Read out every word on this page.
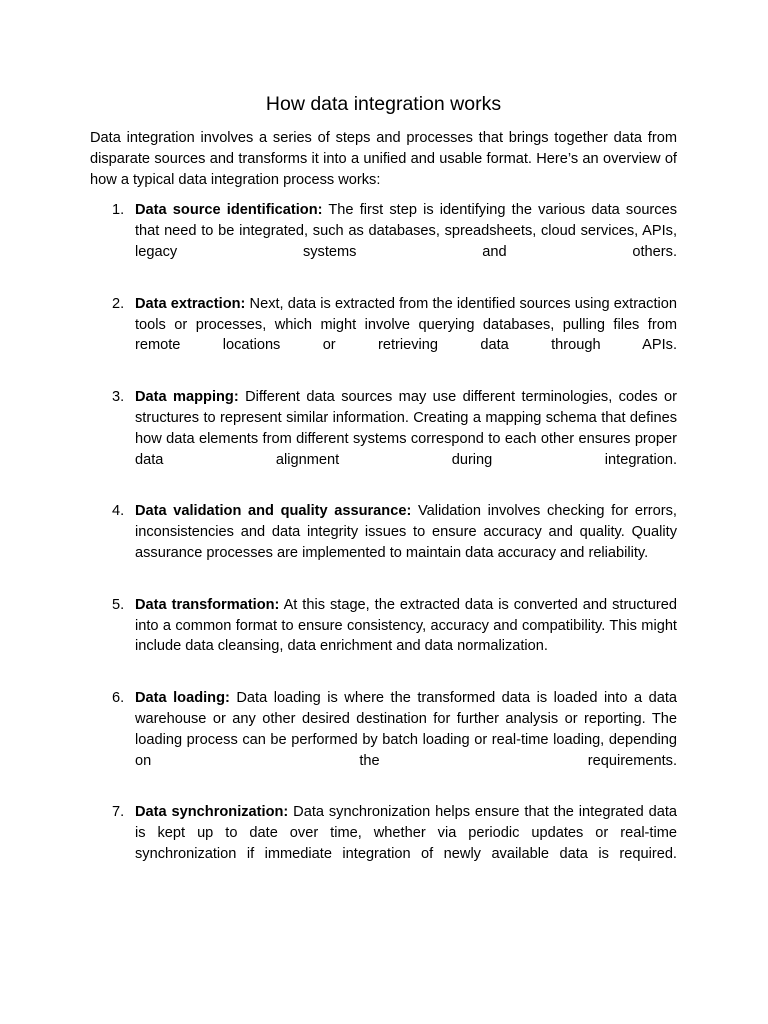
How data integration works

Data integration involves a series of steps and processes that brings together data from disparate sources and transforms it into a unified and usable format. Here’s an overview of how a typical data integration process works:

1. Data source identification: The first step is identifying the various data sources that need to be integrated, such as databases, spreadsheets, cloud services, APIs, legacy systems and others.
2. Data extraction: Next, data is extracted from the identified sources using extraction tools or processes, which might involve querying databases, pulling files from remote locations or retrieving data through APIs.
3. Data mapping: Different data sources may use different terminologies, codes or structures to represent similar information. Creating a mapping schema that defines how data elements from different systems correspond to each other ensures proper data alignment during integration.
4. Data validation and quality assurance: Validation involves checking for errors, inconsistencies and data integrity issues to ensure accuracy and quality. Quality assurance processes are implemented to maintain data accuracy and reliability.
5. Data transformation: At this stage, the extracted data is converted and structured into a common format to ensure consistency, accuracy and compatibility. This might include data cleansing, data enrichment and data normalization.
6. Data loading: Data loading is where the transformed data is loaded into a data warehouse or any other desired destination for further analysis or reporting. The loading process can be performed by batch loading or real-time loading, depending on the requirements.
7. Data synchronization: Data synchronization helps ensure that the integrated data is kept up to date over time, whether via periodic updates or real-time synchronization if immediate integration of newly available data is required.
